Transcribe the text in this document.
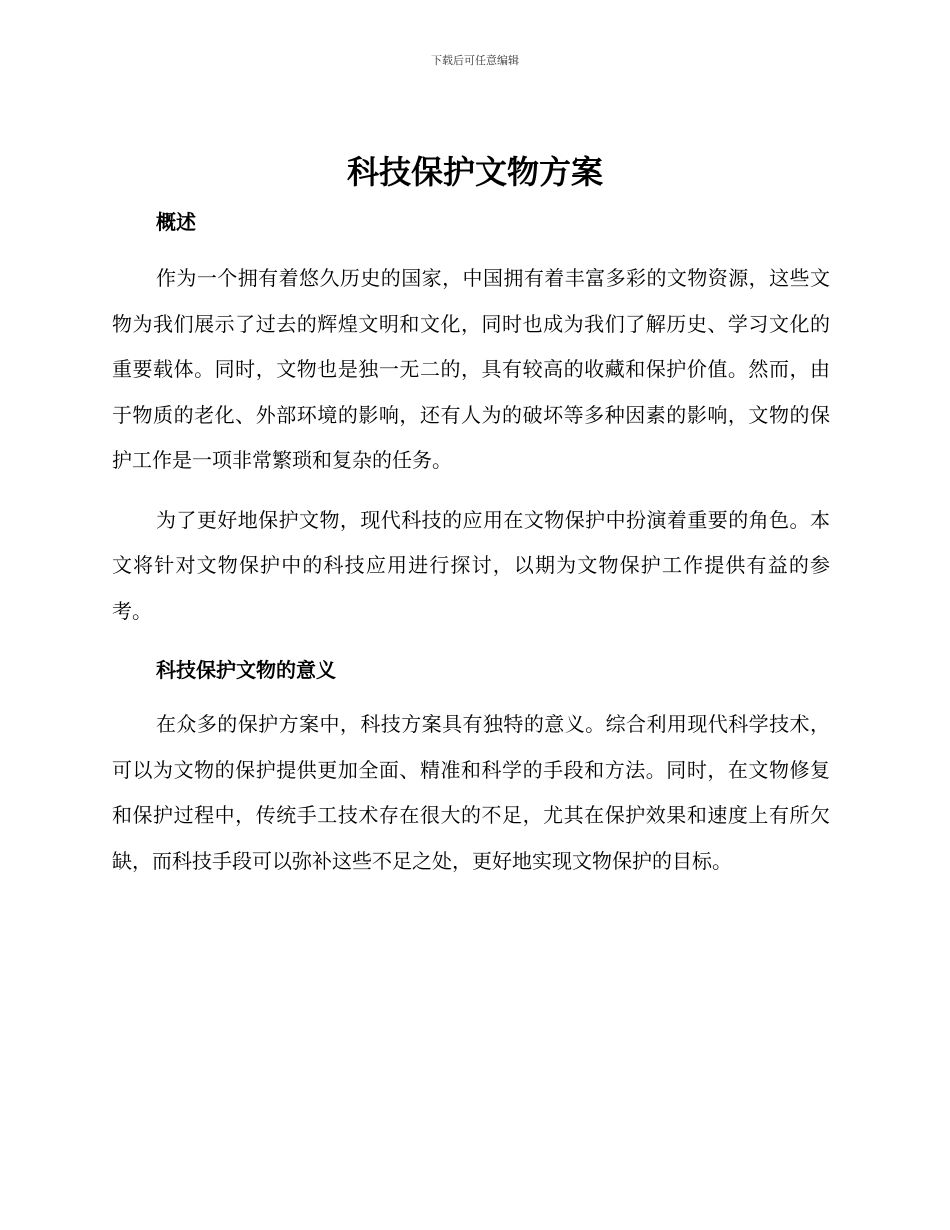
下载后可任意编辑
科技保护文物方案
概述

作为一个拥有着悠久历史的国家，中国拥有着丰富多彩的文物资源，这些文物为我们展示了过去的辉煌文明和文化，同时也成为我们了解历史、学习文化的重要载体。同时，文物也是独一无二的，具有较高的收藏和保护价值。然而，由于物质的老化、外部环境的影响，还有人为的破坏等多种因素的影响，文物的保护工作是一项非常繁琐和复杂的任务。

为了更好地保护文物，现代科技的应用在文物保护中扮演着重要的角色。本文将针对文物保护中的科技应用进行探讨，以期为文物保护工作提供有益的参考。

科技保护文物的意义

在众多的保护方案中，科技方案具有独特的意义。综合利用现代科学技术，可以为文物的保护提供更加全面、精准和科学的手段和方法。同时，在文物修复和保护过程中，传统手工技术存在很大的不足，尤其在保护效果和速度上有所欠缺，而科技手段可以弥补这些不足之处，更好地实现文物保护的目标。
